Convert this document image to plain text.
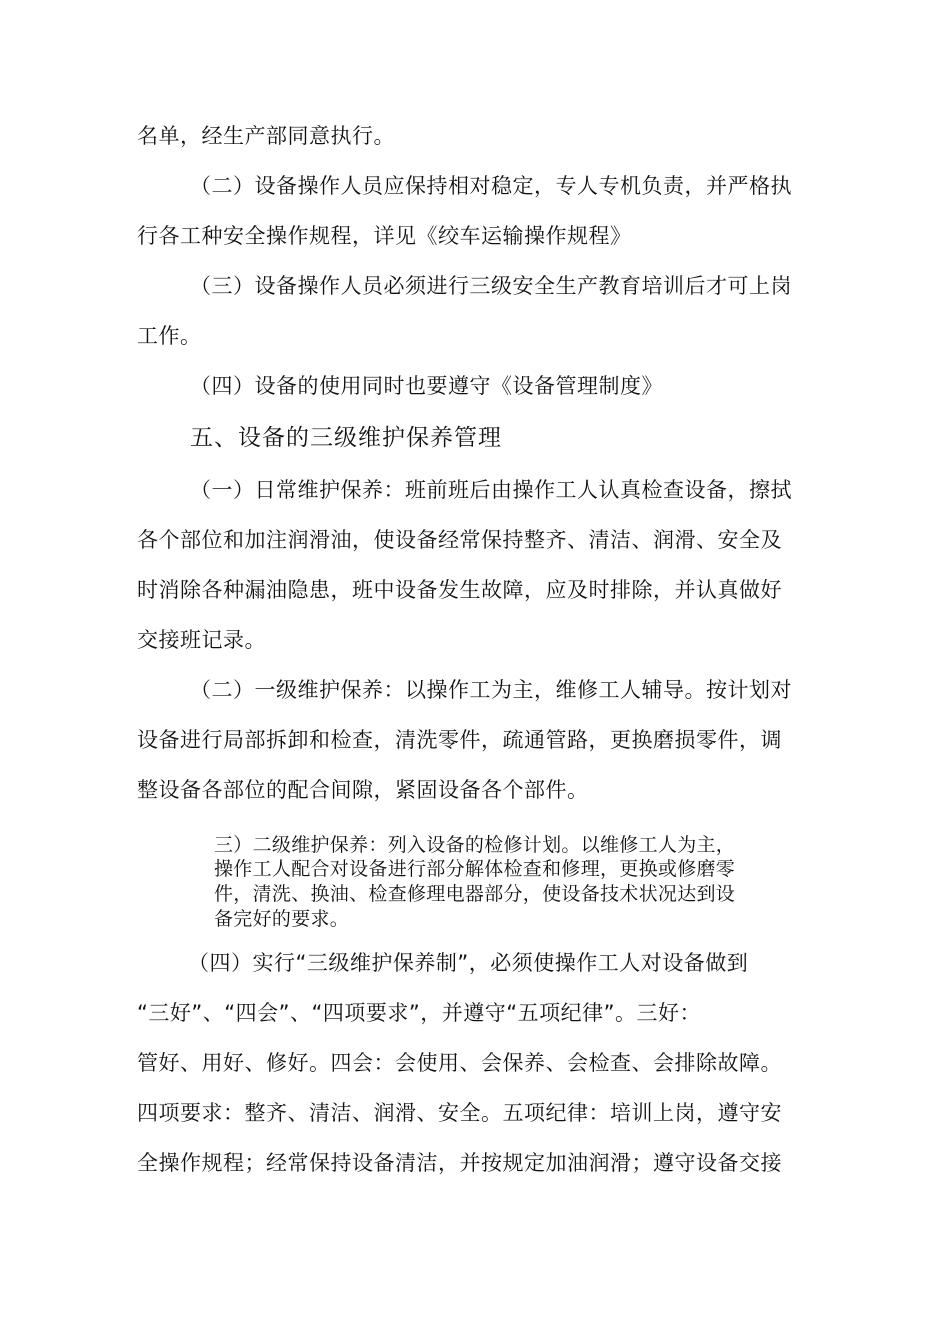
名单，经生产部同意执行。
（二）设备操作人员应保持相对稳定，专人专机负责，并严格执
行各工种安全操作规程，详见《绞车运输操作规程》
（三）设备操作人员必须进行三级安全生产教育培训后才可上岗
工作。
（四）设备的使用同时也要遵守《设备管理制度》
五、设备的三级维护保养管理
（一）日常维护保养：班前班后由操作工人认真检查设备，擦拭
各个部位和加注润滑油，使设备经常保持整齐、清洁、润滑、安全及
时消除各种漏油隐患，班中设备发生故障，应及时排除，并认真做好
交接班记录。
（二）一级维护保养：以操作工为主，维修工人辅导。按计划对
设备进行局部拆卸和检查，清洗零件，疏通管路，更换磨损零件，调
整设备各部位的配合间隙，紧固设备各个部件。
三）二级维护保养：列入设备的检修计划。以维修工人为主，
操作工人配合对设备进行部分解体检查和修理，更换或修磨零
件，清洗、换油、检查修理电器部分，使设备技术状况达到设
备完好的要求。
（四）实行“三级维护保养制”，必须使操作工人对设备做到
“三好”、“四会”、“四项要求”，并遵守“五项纪律”。三好：
管好、用好、修好。四会：会使用、会保养、会检查、会排除故障。
四项要求：整齐、清洁、润滑、安全。五项纪律：培训上岗，遵守安
全操作规程；经常保持设备清洁，并按规定加油润滑；遵守设备交接
